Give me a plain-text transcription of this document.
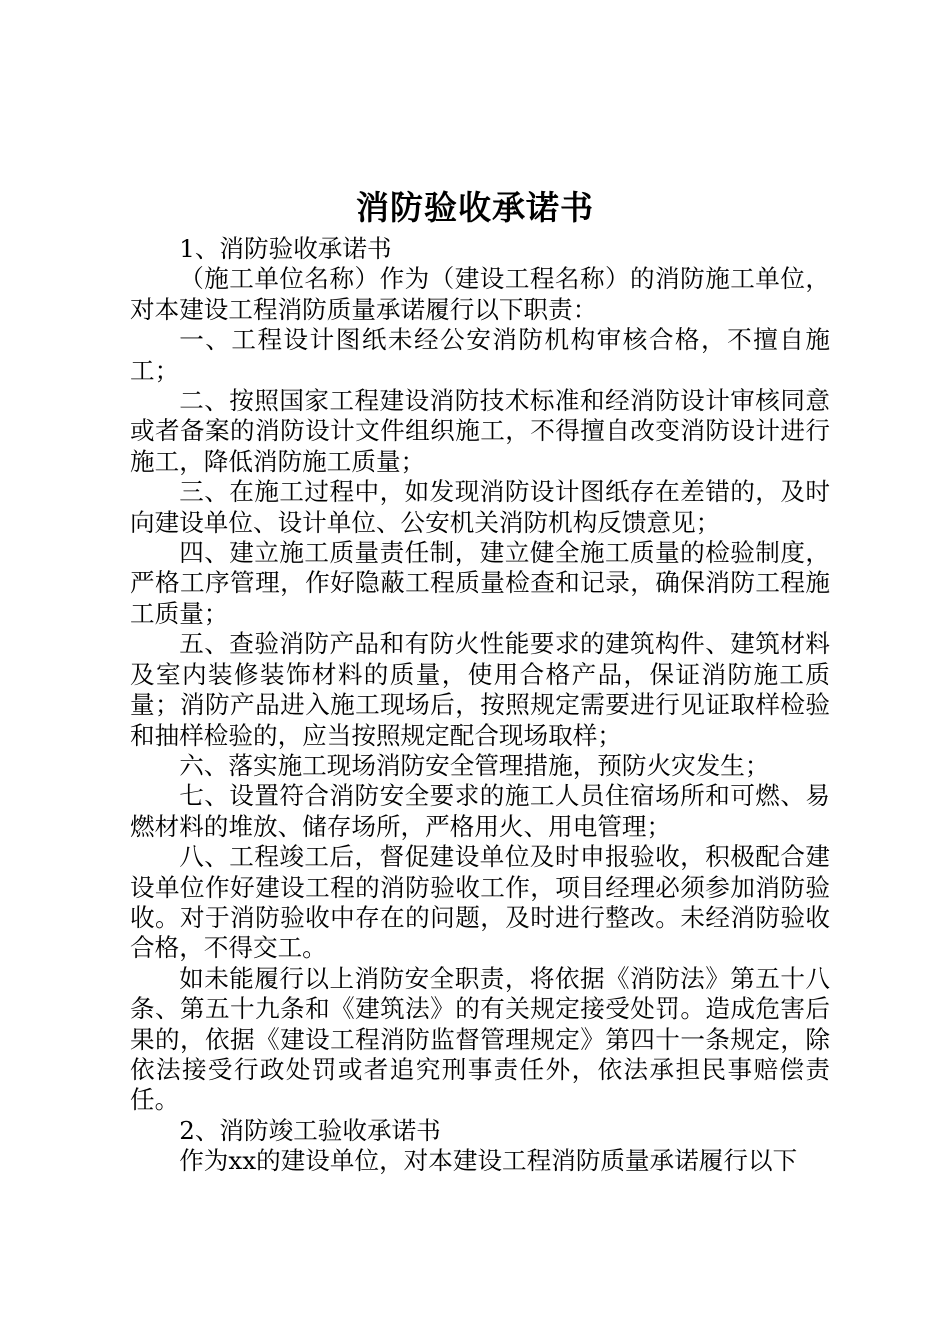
消防验收承诺书

1、消防验收承诺书

（施工单位名称）作为（建设工程名称）的消防施工单位，对本建设工程消防质量承诺履行以下职责：

一、工程设计图纸未经公安消防机构审核合格，不擅自施工；

二、按照国家工程建设消防技术标准和经消防设计审核同意或者备案的消防设计文件组织施工，不得擅自改变消防设计进行施工，降低消防施工质量；

三、在施工过程中，如发现消防设计图纸存在差错的，及时向建设单位、设计单位、公安机关消防机构反馈意见；

四、建立施工质量责任制，建立健全施工质量的检验制度，严格工序管理，作好隐蔽工程质量检查和记录，确保消防工程施工质量；

五、查验消防产品和有防火性能要求的建筑构件、建筑材料及室内装修装饰材料的质量，使用合格产品，保证消防施工质量；消防产品进入施工现场后，按照规定需要进行见证取样检验和抽样检验的，应当按照规定配合现场取样；

六、落实施工现场消防安全管理措施，预防火灾发生；

七、设置符合消防安全要求的施工人员住宿场所和可燃、易燃材料的堆放、储存场所，严格用火、用电管理；

八、工程竣工后，督促建设单位及时申报验收，积极配合建设单位作好建设工程的消防验收工作，项目经理必须参加消防验收。对于消防验收中存在的问题，及时进行整改。未经消防验收合格，不得交工。

如未能履行以上消防安全职责，将依据《消防法》第五十八条、第五十九条和《建筑法》的有关规定接受处罚。造成危害后果的，依据《建设工程消防监督管理规定》第四十一条规定，除依法接受行政处罚或者追究刑事责任外，依法承担民事赔偿责任。

2、消防竣工验收承诺书

作为xx的建设单位，对本建设工程消防质量承诺履行以下
